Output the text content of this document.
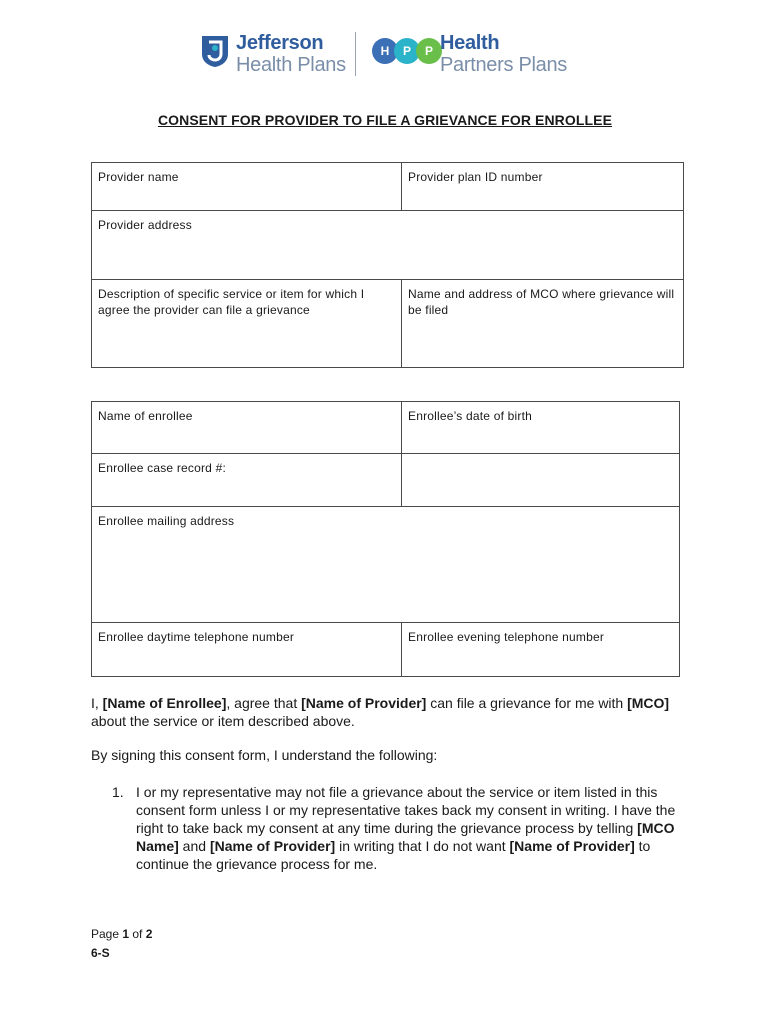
Jefferson
Health Plans
H	P	P Health
Partners Plans
CONSENT FOR PROVIDER TO FILE A GRIEVANCE FOR ENROLLEE
Provider name	Provider plan ID number
Provider address	
Description of specific service or item for which I agree the provider can file a grievance	Name and address of MCO where grievance will be filed
Name of enrollee	Enrollee’s date of birth
Enrollee case record #:	
Enrollee mailing address	
Enrollee daytime telephone number	Enrollee evening telephone number
I, [Name of Enrollee], agree that [Name of Provider] can file a grievance for me with [MCO] about the service or item described above.
By signing this consent form, I understand the following:
1. I or my representative may not file a grievance about the service or item listed in this consent form unless I or my representative takes back my consent in writing. I have the right to take back my consent at any time during the grievance process by telling [MCO Name] and [Name of Provider] in writing that I do not want [Name of Provider] to continue the grievance process for me.
Page 1 of 2
6-S
